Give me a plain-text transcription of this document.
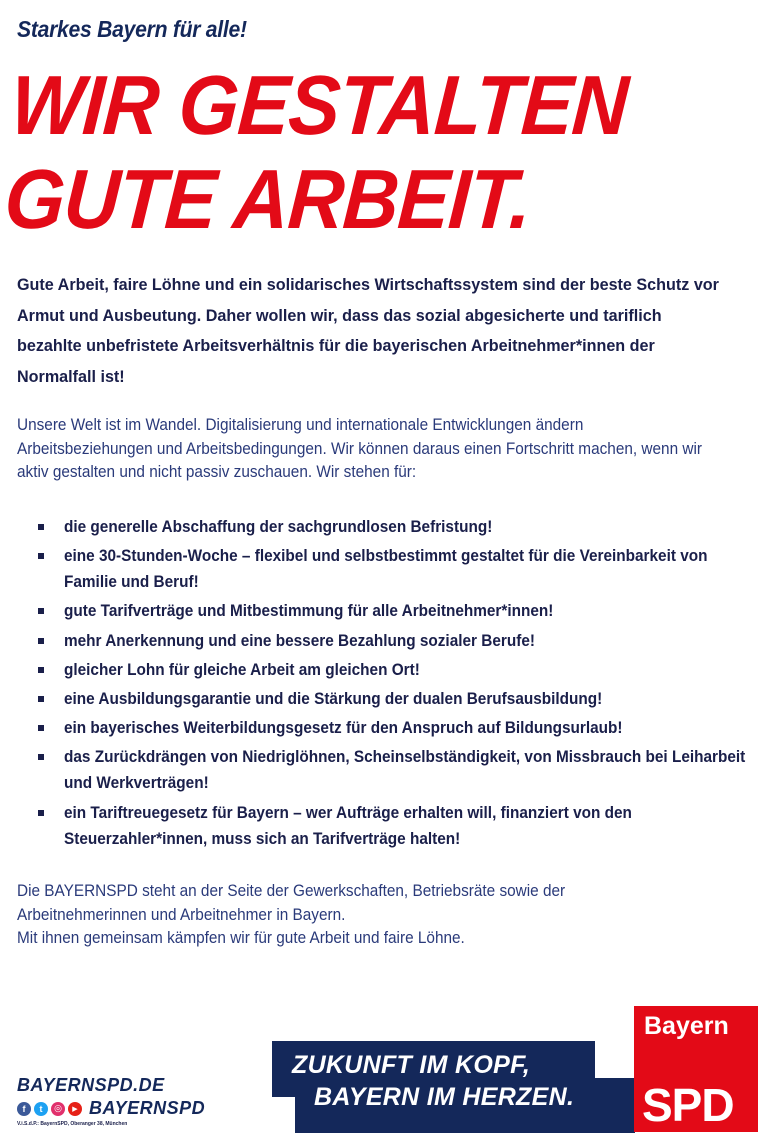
Starkes Bayern für alle!
WIR GESTALTEN
GUTE ARBEIT.

Gute Arbeit, faire Löhne und ein solidarisches Wirtschaftssystem sind der beste Schutz vor Armut und Ausbeutung. Daher wollen wir, dass das sozial abgesicherte und tariflich bezahlte unbefristete Arbeitsverhältnis für die bayerischen Arbeitnehmer*innen der Normalfall ist!

Unsere Welt ist im Wandel. Digitalisierung und internationale Entwicklungen ändern Arbeitsbeziehungen und Arbeitsbedingungen. Wir können daraus einen Fortschritt machen, wenn wir aktiv gestalten und nicht passiv zuschauen. Wir stehen für:

die generelle Abschaffung der sachgrundlosen Befristung!
eine 30-Stunden-Woche – flexibel und selbstbestimmt gestaltet für die Vereinbarkeit von Familie und Beruf!
gute Tarifverträge und Mitbestimmung für alle Arbeitnehmer*innen!
mehr Anerkennung und eine bessere Bezahlung sozialer Berufe!
gleicher Lohn für gleiche Arbeit am gleichen Ort!
eine Ausbildungsgarantie und die Stärkung der dualen Berufsausbildung!
ein bayerisches Weiterbildungsgesetz für den Anspruch auf Bildungsurlaub!
das Zurückdrängen von Niedriglöhnen, Scheinselbständigkeit, von Missbrauch bei Leiharbeit und Werkverträgen!
ein Tariftreuegesetz für Bayern – wer Aufträge erhalten will, finanziert von den Steuerzahler*innen, muss sich an Tarifverträge halten!

Die BAYERNSPD steht an der Seite der Gewerkschaften, Betriebsräte sowie der
Arbeitnehmerinnen und Arbeitnehmer in Bayern.
Mit ihnen gemeinsam kämpfen wir für gute Arbeit und faire Löhne.

BAYERNSPD.DE
f	t	◎	▶ BAYERNSPD
V.i.S.d.P.: BayernSPD, Oberanger 38, München
ZUKUNFT IM KOPF,
BAYERN IM HERZEN.
Bayern
SPD
